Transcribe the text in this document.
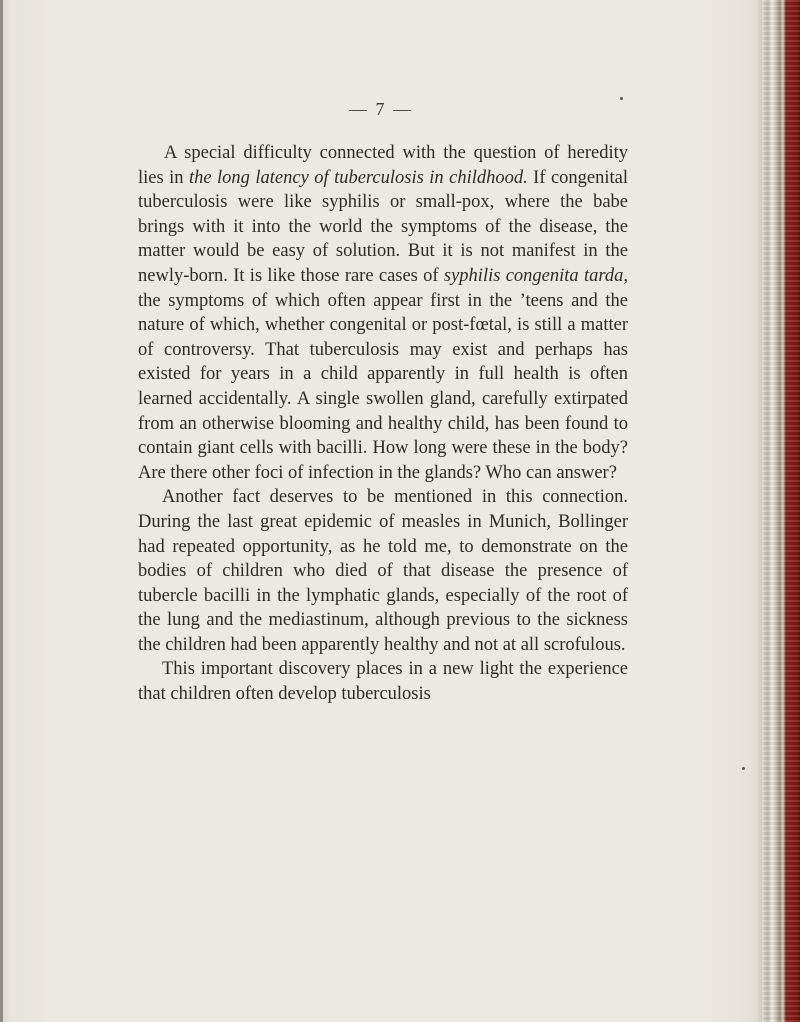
— 7 —

A special difficulty connected with the question of heredity lies in the long latency of tuberculosis in childhood. If congenital tuberculosis were like syphilis or small-pox, where the babe brings with it into the world the symptoms of the disease, the matter would be easy of solution. But it is not manifest in the newly-born. It is like those rare cases of syphilis congenita tarda, the symptoms of which often appear first in the ’teens and the nature of which, whether congenital or post-fœtal, is still a matter of controversy. That tuberculosis may exist and perhaps has existed for years in a child apparently in full health is often learned accidentally. A single swollen gland, carefully extirpated from an otherwise blooming and healthy child, has been found to contain giant cells with bacilli. How long were these in the body? Are there other foci of infection in the glands? Who can answer?

Another fact deserves to be mentioned in this connection. During the last great epidemic of measles in Munich, Bollinger had repeated opportunity, as he told me, to demonstrate on the bodies of children who died of that disease the presence of tubercle bacilli in the lymphatic glands, especially of the root of the lung and the mediastinum, although previous to the sickness the children had been apparently healthy and not at all scrofulous.

This important discovery places in a new light the experience that children often develop tuberculosis
